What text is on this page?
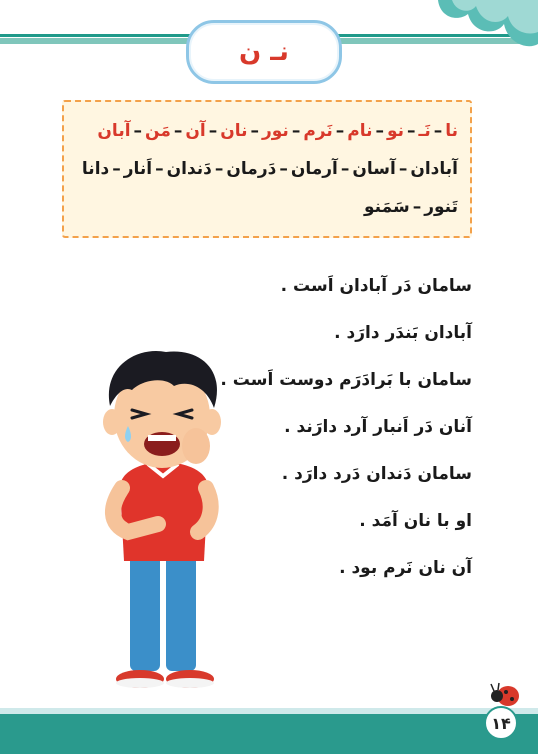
نـ ن
نا–نَـ–نو–نام–نَرم–نور–نان–آن–مَن–آبان
آبادان–آسان–آرمان–دَرمان–دَندان–اَنار–دانا
تَنور–سَمَنو
سامان دَر آبادان اَست .
آبادان بَندَر دارَد .
سامان با بَرادَرَم دوست اَست .
آنان دَر اَنبار آرد دارَند .
سامان دَندان دَرد دارَد .
او با نان آمَد .
آن نان نَرم بود .
۱۴
